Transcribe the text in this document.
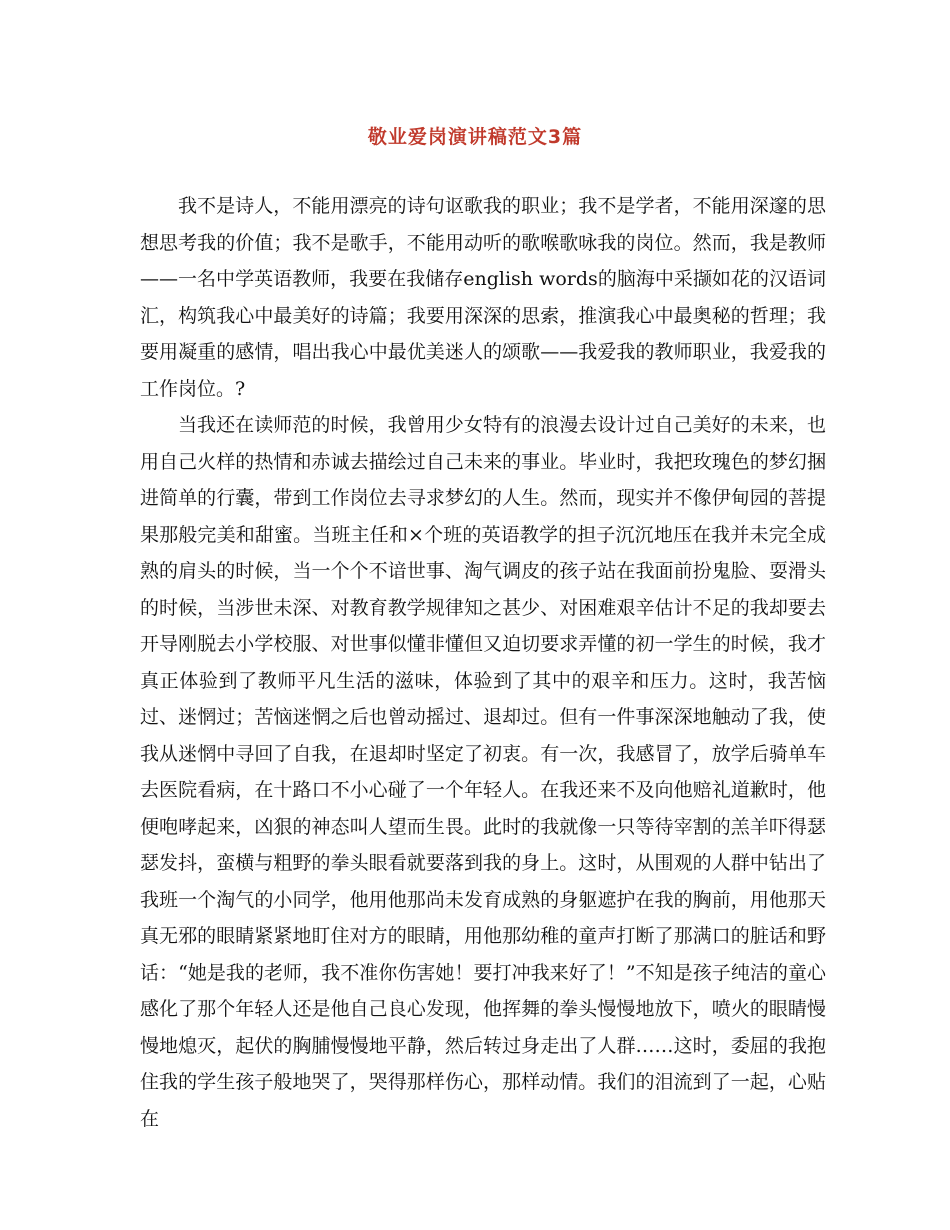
敬业爱岗演讲稿范文3篇

我不是诗人，不能用漂亮的诗句讴歌我的职业；我不是学者，不能用深邃的思想思考我的价值；我不是歌手，不能用动听的歌喉歌咏我的岗位。然而，我是教师——一名中学英语教师，我要在我储存english words的脑海中采撷如花的汉语词汇，构筑我心中最美好的诗篇；我要用深深的思索，推演我心中最奥秘的哲理；我要用凝重的感情，唱出我心中最优美迷人的颂歌——我爱我的教师职业，我爱我的工作岗位。?

当我还在读师范的时候，我曾用少女特有的浪漫去设计过自己美好的未来，也用自己火样的热情和赤诚去描绘过自己未来的事业。毕业时，我把玫瑰色的梦幻捆进简单的行囊，带到工作岗位去寻求梦幻的人生。然而，现实并不像伊甸园的菩提果那般完美和甜蜜。当班主任和×个班的英语教学的担子沉沉地压在我并未完全成熟的肩头的时候，当一个个不谙世事、淘气调皮的孩子站在我面前扮鬼脸、耍滑头的时候，当涉世未深、对教育教学规律知之甚少、对困难艰辛估计不足的我却要去开导刚脱去小学校服、对世事似懂非懂但又迫切要求弄懂的初一学生的时候，我才真正体验到了教师平凡生活的滋味，体验到了其中的艰辛和压力。这时，我苦恼过、迷惘过；苦恼迷惘之后也曾动摇过、退却过。但有一件事深深地触动了我，使我从迷惘中寻回了自我，在退却时坚定了初衷。有一次，我感冒了，放学后骑单车去医院看病，在十路口不小心碰了一个年轻人。在我还来不及向他赔礼道歉时，他便咆哮起来，凶狠的神态叫人望而生畏。此时的我就像一只等待宰割的羔羊吓得瑟瑟发抖，蛮横与粗野的拳头眼看就要落到我的身上。这时，从围观的人群中钻出了我班一个淘气的小同学，他用他那尚未发育成熟的身躯遮护在我的胸前，用他那天真无邪的眼睛紧紧地盯住对方的眼睛，用他那幼稚的童声打断了那满口的脏话和野话：“她是我的老师，我不准你伤害她！要打冲我来好了！”不知是孩子纯洁的童心感化了那个年轻人还是他自己良心发现，他挥舞的拳头慢慢地放下，喷火的眼睛慢慢地熄灭，起伏的胸脯慢慢地平静，然后转过身走出了人群……这时，委屈的我抱住我的学生孩子般地哭了，哭得那样伤心，那样动情。我们的泪流到了一起，心贴在
